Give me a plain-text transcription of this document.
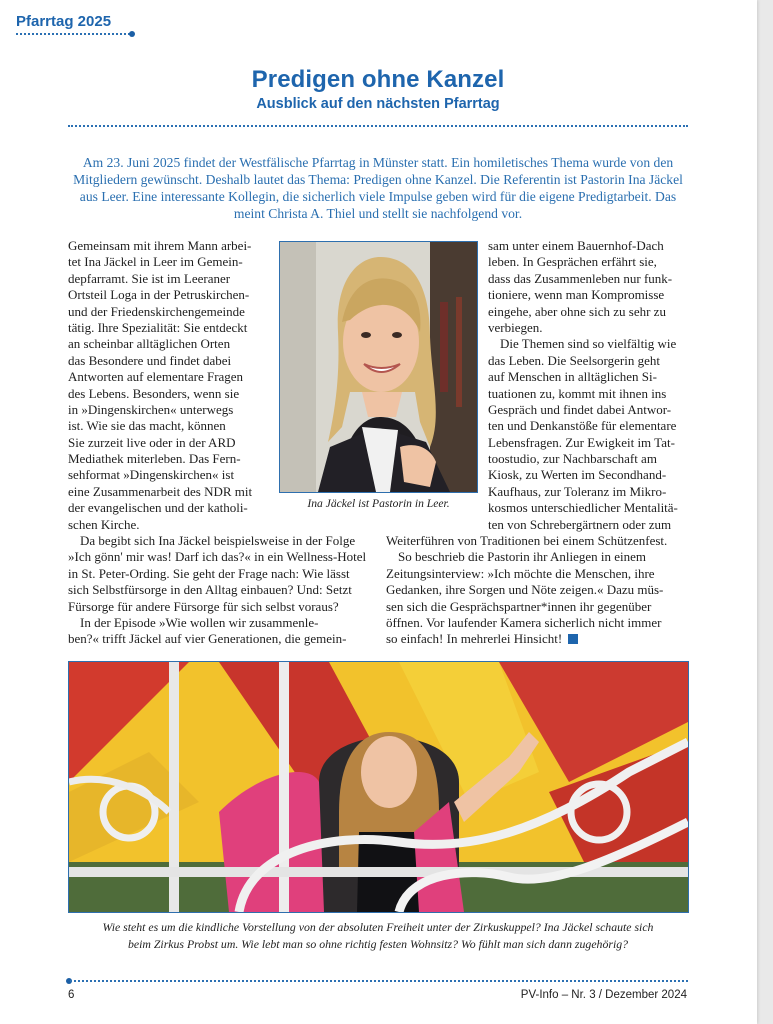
Pfarrtag 2025
Predigen ohne Kanzel
Ausblick auf den nächsten Pfarrtag
Am 23. Juni 2025 findet der Westfälische Pfarrtag in Münster statt. Ein homiletisches Thema wurde von den Mitgliedern gewünscht. Deshalb lautet das Thema: Predigen ohne Kanzel. Die Referentin ist Pastorin Ina Jäckel aus Leer. Eine interessante Kollegin, die sicherlich viele Impulse geben wird für die eigene Predigtarbeit. Das meint Christa A. Thiel und stellt sie nachfolgend vor.
Gemeinsam mit ihrem Mann arbei-
tet Ina Jäckel in Leer im Gemein-
depfarramt. Sie ist im Leeraner
Ortsteil Loga in der Petruskirchen-
und der Friedenskirchengemeinde
tätig. Ihre Spezialität: Sie entdeckt
an scheinbar alltäglichen Orten
das Besondere und findet dabei
Antworten auf elementare Fragen
des Lebens. Besonders, wenn sie
in »Dingenskirchen« unterwegs
ist. Wie sie das macht, können
Sie zurzeit live oder in der ARD
Mediathek miterleben. Das Fern-
sehformat »Dingenskirchen« ist
eine Zusammenarbeit des NDR mit
der evangelischen und der katholi-
schen Kirche.
Ina Jäckel ist Pastorin in Leer.
sam unter einem Bauernhof-Dach
leben. In Gesprächen erfährt sie,
dass das Zusammenleben nur funk-
tioniere, wenn man Kompromisse
eingehe, aber ohne sich zu sehr zu
verbiegen.
Die Themen sind so vielfältig wie
das Leben. Die Seelsorgerin geht
auf Menschen in alltäglichen Si-
tuationen zu, kommt mit ihnen ins
Gespräch und findet dabei Antwor-
ten und Denkanstöße für elementare
Lebensfragen. Zur Ewigkeit im Tat-
toostudio, zur Nachbarschaft am
Kiosk, zu Werten im Secondhand-
Kaufhaus, zur Toleranz im Mikro-
kosmos unterschiedlicher Mentalitä-
ten von Schrebergärtnern oder zum
Da begibt sich Ina Jäckel beispielsweise in der Folge
»Ich gönn' mir was! Darf ich das?« in ein Wellness-Hotel
in St. Peter-Ording. Sie geht der Frage nach: Wie lässt
sich Selbstfürsorge in den Alltag einbauen? Und: Setzt
Fürsorge für andere Fürsorge für sich selbst voraus?
In der Episode »Wie wollen wir zusammenle-
ben?« trifft Jäckel auf vier Generationen, die gemein-
Weiterführen von Traditionen bei einem Schützenfest.
So beschrieb die Pastorin ihr Anliegen in einem
Zeitungsinterview: »Ich möchte die Menschen, ihre
Gedanken, ihre Sorgen und Nöte zeigen.« Dazu müs-
sen sich die Gesprächspartner*innen ihr gegenüber
öffnen. Vor laufender Kamera sicherlich nicht immer
so einfach! In mehrerlei Hinsicht!
Wie steht es um die kindliche Vorstellung von der absoluten Freiheit unter der Zirkuskuppel? Ina Jäckel schaute sich
beim Zirkus Probst um. Wie lebt man so ohne richtig festen Wohnsitz? Wo fühlt man sich dann zugehörig?
6	PV-Info – Nr. 3 / Dezember 2024
